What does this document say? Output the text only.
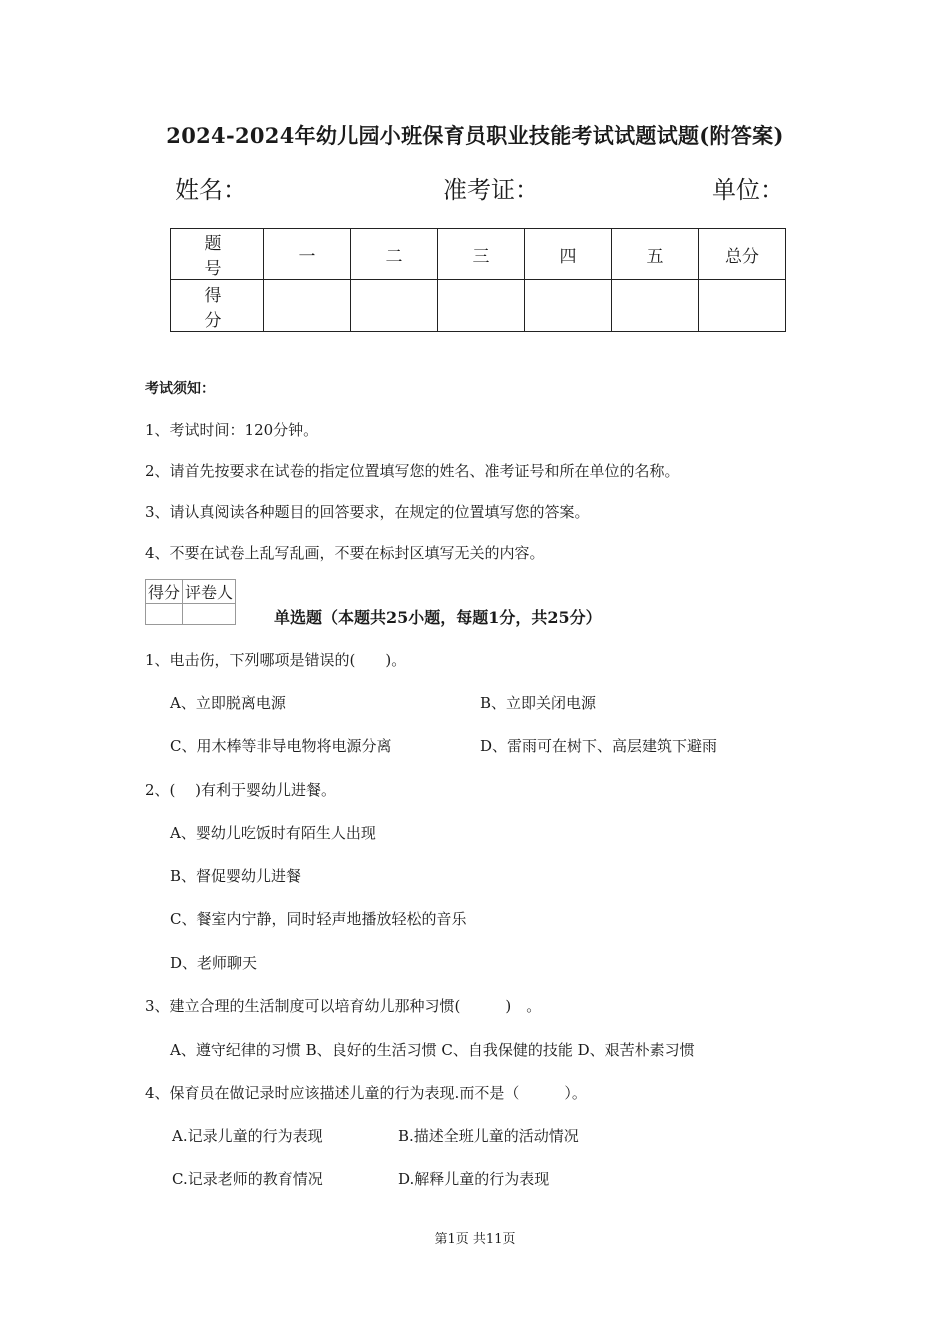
2024-2024年幼儿园小班保育员职业技能考试试题试题(附答案)
姓名：	准考证：	单位：
题　号	一	二	三	四	五	总分
得　分						
考试须知：
1、考试时间：120分钟。
2、请首先按要求在试卷的指定位置填写您的姓名、准考证号和所在单位的名称。
3、请认真阅读各种题目的回答要求，在规定的位置填写您的答案。
4、不要在试卷上乱写乱画，不要在标封区填写无关的内容。
得分	评卷人

单选题（本题共25小题，每题1分，共25分）
1、电击伤，下列哪项是错误的(　　)。
A、立即脱离电源	B、立即关闭电源
C、用木棒等非导电物将电源分离	D、雷雨可在树下、高层建筑下避雨
2、(　 )有利于婴幼儿进餐。
A、婴幼儿吃饭时有陌生人出现
B、督促婴幼儿进餐
C、餐室内宁静，同时轻声地播放轻松的音乐
D、老师聊天
3、建立合理的生活制度可以培育幼儿那种习惯(　　　)　。
A、遵守纪律的习惯 B、良好的生活习惯 C、自我保健的技能 D、艰苦朴素习惯
4、保育员在做记录时应该描述儿童的行为表现.而不是（　　　）。
A.记录儿童的行为表现	B.描述全班儿童的活动情况
C.记录老师的教育情况	D.解释儿童的行为表现
第1页 共11页
